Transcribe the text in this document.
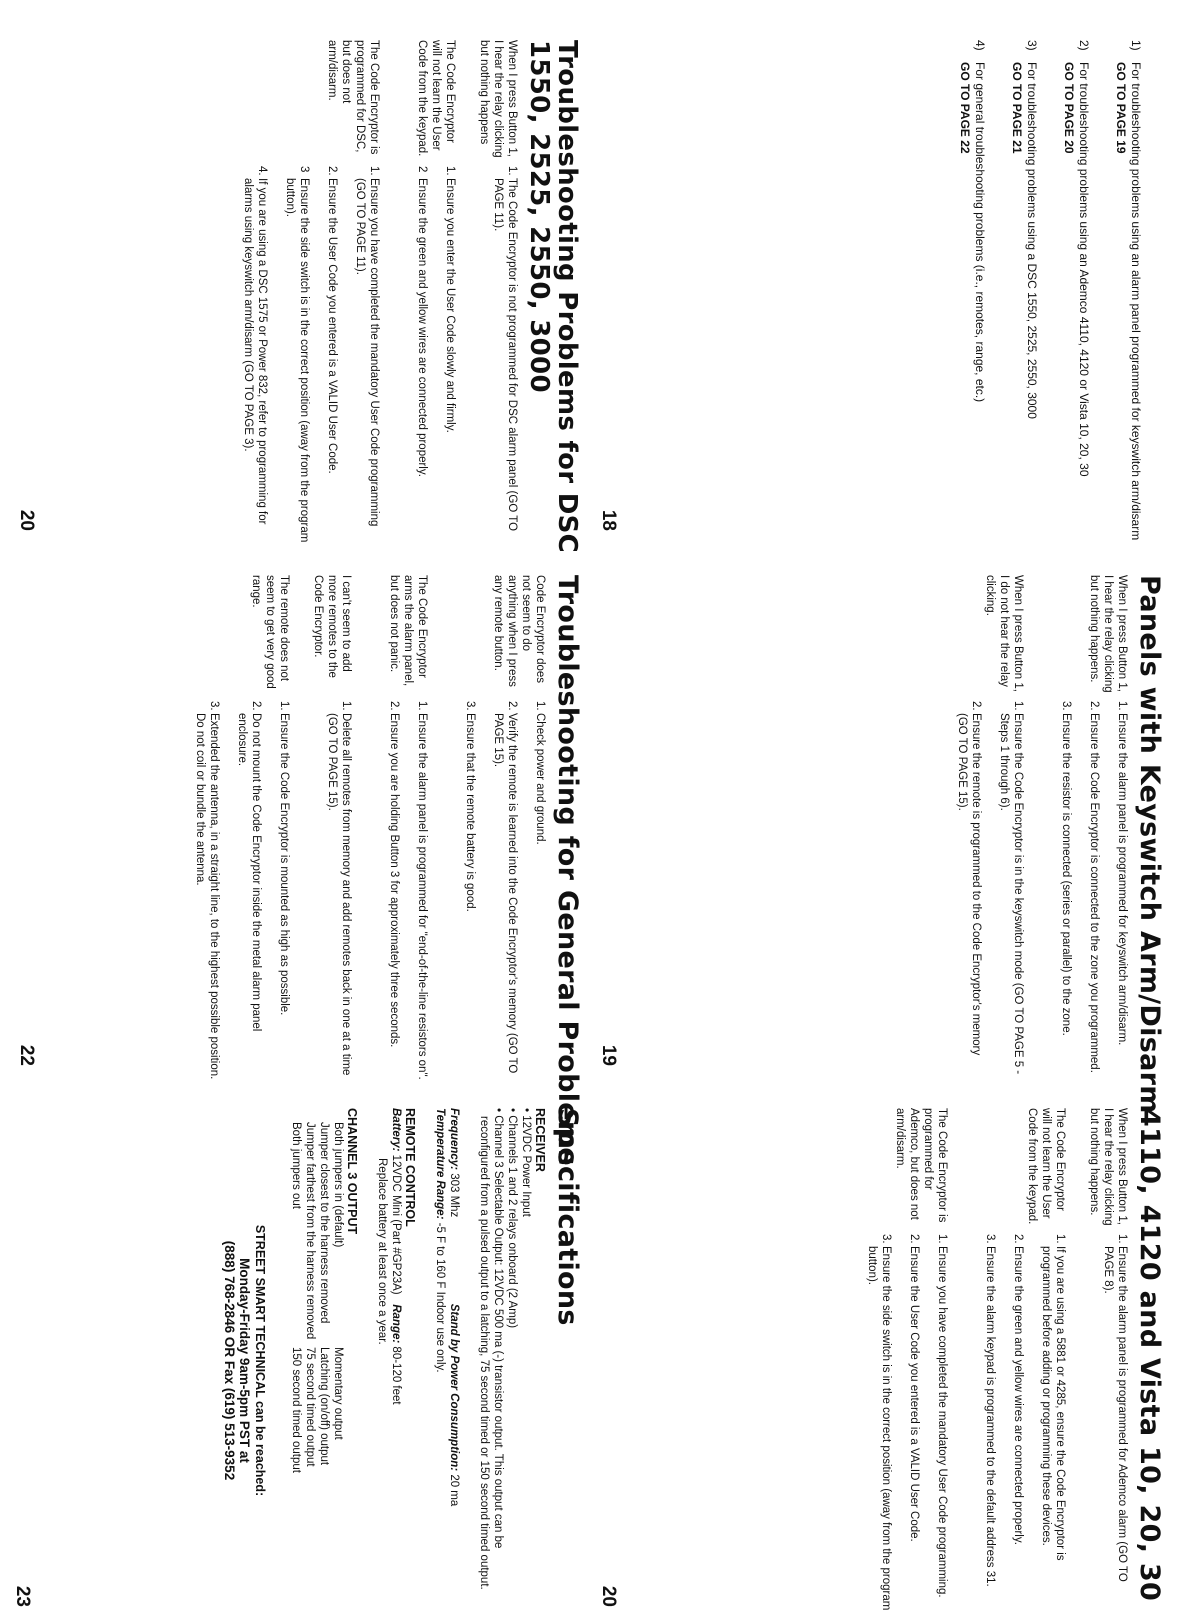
1)
For troubleshooting problems using an alarm panel programmed for keyswitch arm/disarm
GO TO PAGE 19
2)
For troubleshooting problems using an Ademco 4110, 4120 or Vista 10, 20, 30
GO TO PAGE 20
3)
For troubleshooting problems using a DSC 1550, 2525, 2550, 3000
GO TO PAGE 21
4)
For general troubleshooting problems (i.e., remotes, range, etc.)
GO TO PAGE 22
18
Panels with Keyswitch Arm/Disarm
When I press Button 1, I hear the relay clicking but nothing happens.
1.
Ensure the alarm panel is programmed for keyswitch arm/disarm.
2.
Ensure the Code Encryptor is connected to the zone you programmed.
3.
Ensure the resistor is connected (series or parallel) to the zone.
When I press Button 1, I do not hear the relay clicking.
1.
Ensure the Code Encryptor is in the keyswitch mode (GO TO PAGE 5 - Steps 1 through 6).
2.
Ensure the remote is programmed to the Code Encryptor's memory (GO TO PAGE 15).
19
4110, 4120 and Vista 10, 20, 30
When I press Button 1, I hear the relay clicking but nothing happens.
1.
Ensure the alarm panel is programmed for Ademco alarm (GO TO PAGE 8).
The Code Encryptor will not learn the User Code from the keypad.
1.
If you are using a 5881 or 4285, ensure the Code Encryptor is programmed before adding or programming these devices.
2.
Ensure the green and yellow wires are connected properly.
3.
Ensure the alarm keypad is programmed to the default address 31.
The Code Encryptor is programmed for Ademco, but does not arm/disarm.
1.
Ensure you have completed the mandatory User Code programming.
2.
Ensure the User Code you entered is a VALID User Code.
3.
Ensure the side switch is in the correct position (away from the program button).
20
Troubleshooting Problems for DSC
1550, 2525, 2550, 3000
When I press Button 1, I hear the relay clicking but nothing happens
1.
The Code Encryptor is not programmed for DSC alarm panel (GO TO PAGE 11).
The Code Encryptor will not learn the User Code from the keypad.
1.
Ensure you enter the User Code slowly and firmly.
2
Ensure the green and yellow wires are connected properly.
The Code Encryptor is programmed for DSC, but does not arm/disarm.
1.
Ensure you have completed the mandatory User Code programming (GO TO PAGE 11).
2.
Ensure the User Code you entered is a VALID User Code.
3
Ensure the side switch is in the correct position (away from the program button).
4.
If you are using a DSC 1575 or Power 832, refer to programming for alarms using keyswitch arm/disarm (GO TO PAGE 3).
20
Troubleshooting for General Problems
Code Encryptor does not seem to do anything when I press any remote button.
1.
Check power and ground.
2.
Verify the remote is learned into the Code Encryptor's memory (GO TO PAGE 15).
3.
Ensure that the remote battery is good.
The Code Encryptor arms the alarm panel, but does not panic.
1.
Ensure the alarm panel is programmed for "end-of-the-line resistors on".
2.
Ensure you are holding Button 3 for approximately three seconds.
I can't seem to add more remotes to the Code Encryptor.
1.
Delete all remotes from memory and add remotes back in one at a time (GO TO PAGE 15).
The remote does not seem to get very good range.
1.
Ensure the Code Encryptor is mounted as high as possible.
2.
Do not mount the Code Encryptor inside the metal alarm panel enclosure.
3.
Extended the antenna, in a straight line, to the highest possible position. Do not coil or bundle the antenna.
22
Specifications
RECEIVER

• 12VDC Power Input

• Channels 1 and 2 relays onboard (2 Amp)

• Channel 3 Selectable Output: 12VDC 500 ma (-) transistor output. This output can be reconfigured from a pulsed output to a latching, 75 second timed or 150 second timed output.

Frequency: 303 Mhz  Stand by Power Consumption: 20 ma

Temperature Range: -5 F to 160 F Indoor use only.

REMOTE CONTROL

Battery: 12VDC Mini (Part #GP23A)   Range: 80-120 feet

Replace battery at least once a year.

CHANNEL 3 OUTPUT
Both jumpers in (default)
Momentary output
Jumper closest to the harness removed
Latching (on/off) output
Jumper farthest from the harness removed
75 second timed output
Both jumpers out
150 second timed output
STREET SMART TECHNICAL can be reached:
Monday-Friday 9am-5pm PST at
(888) 768-2846 OR Fax (619) 513-9352
23
